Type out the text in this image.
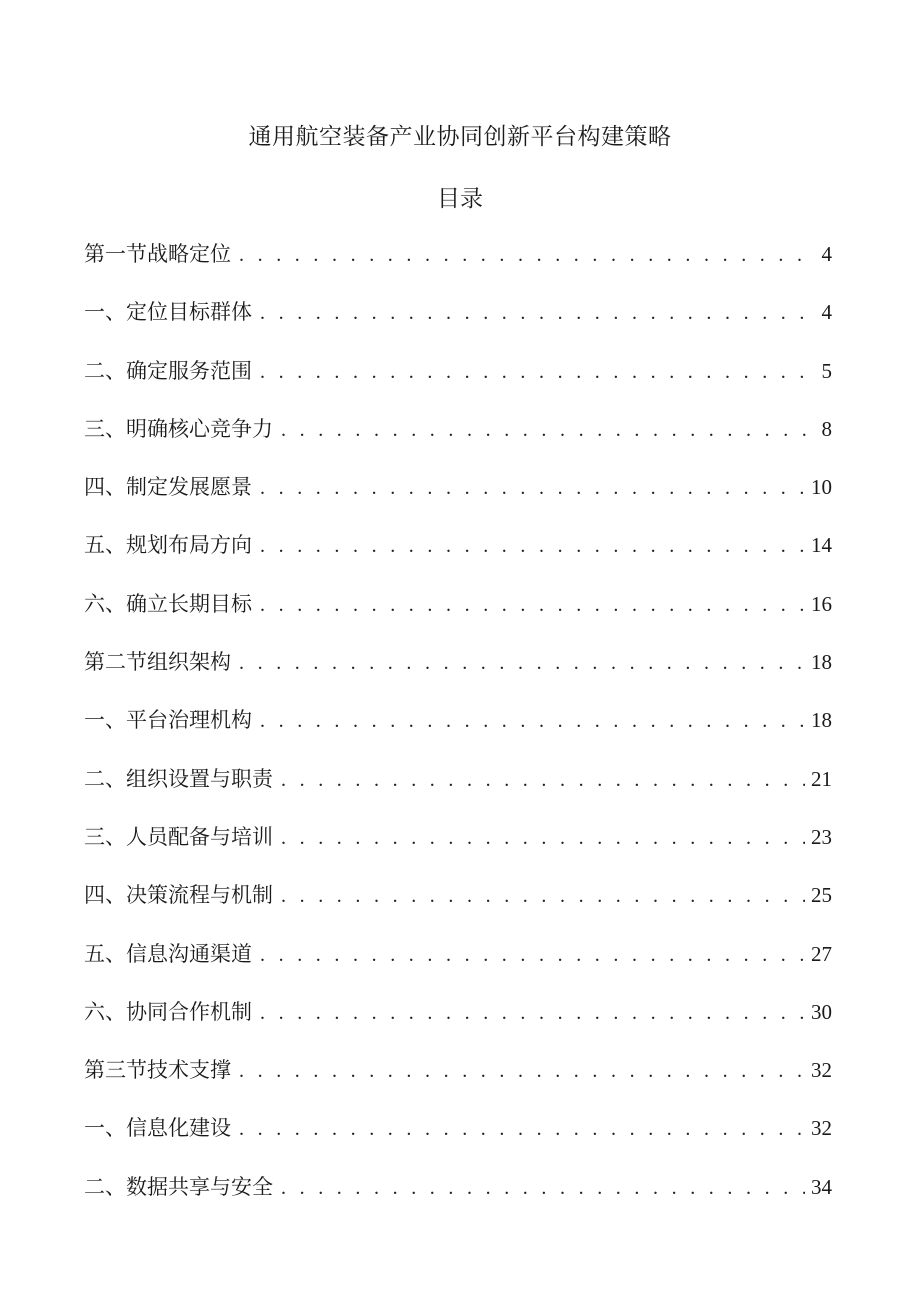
通用航空装备产业协同创新平台构建策略
目录
第一节战略定位 . . .	4
一、定位目标群体 . . .	4
二、确定服务范围 . . .	5
三、明确核心竞争力 . . .	8
四、制定发展愿景 . . .	10
五、规划布局方向 . . .	14
六、确立长期目标 . . .	16
第二节组织架构 . . .	18
一、平台治理机构 . . .	18
二、组织设置与职责 . . .	21
三、人员配备与培训 . . .	23
四、决策流程与机制 . . .	25
五、信息沟通渠道 . . .	27
六、协同合作机制 . . .	30
第三节技术支撑 . . .	32
一、信息化建设 . . .	32
二、数据共享与安全 . . .	34
